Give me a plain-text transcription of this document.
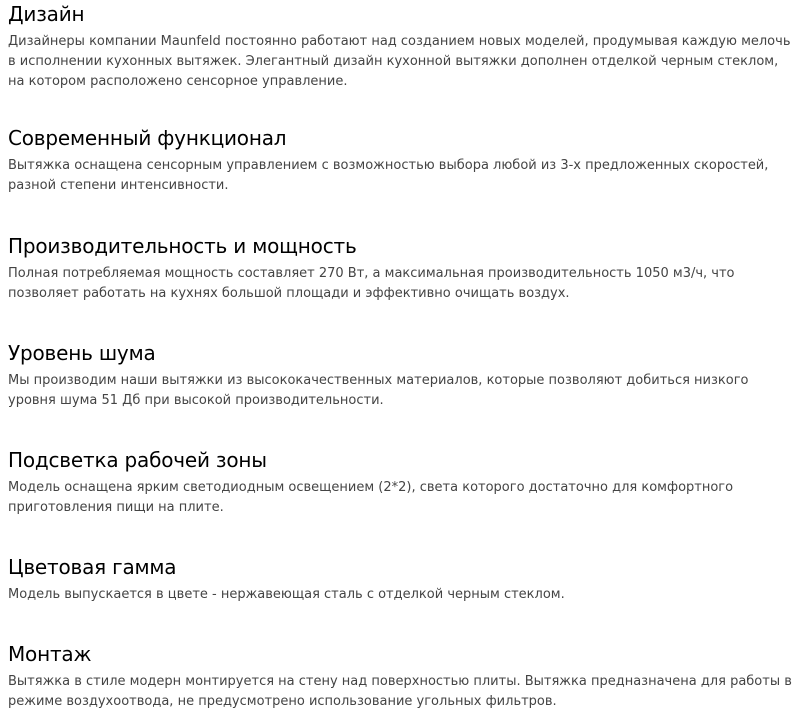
Дизайн

Дизайнеры компании Maunfeld постоянно работают над созданием новых моделей, продумывая каждую мелочь в исполнении кухонных вытяжек. Элегантный дизайн кухонной вытяжки дополнен отделкой черным стеклом, на котором расположено сенсорное управление.

Современный функционал

Вытяжка оснащена сенсорным управлением с возможностью выбора любой из 3-х предложенных скоростей, разной степени интенсивности.

Производительность и мощность

Полная потребляемая мощность составляет 270 Вт, а максимальная производительность 1050 м3/ч, что позволяет работать на кухнях большой площади и эффективно очищать воздух.

Уровень шума

Мы производим наши вытяжки из высококачественных материалов, которые позволяют добиться низкого уровня шума 51 Дб при высокой производительности.

Подсветка рабочей зоны

Модель оснащена ярким светодиодным освещением (2*2), света которого достаточно для комфортного приготовления пищи на плите.

Цветовая гамма

Модель выпускается в цвете - нержавеющая сталь с отделкой черным стеклом.

Монтаж

Вытяжка в стиле модерн монтируется на стену над поверхностью плиты. Вытяжка предназначена для работы в режиме воздухоотвода, не предусмотрено использование угольных фильтров.
